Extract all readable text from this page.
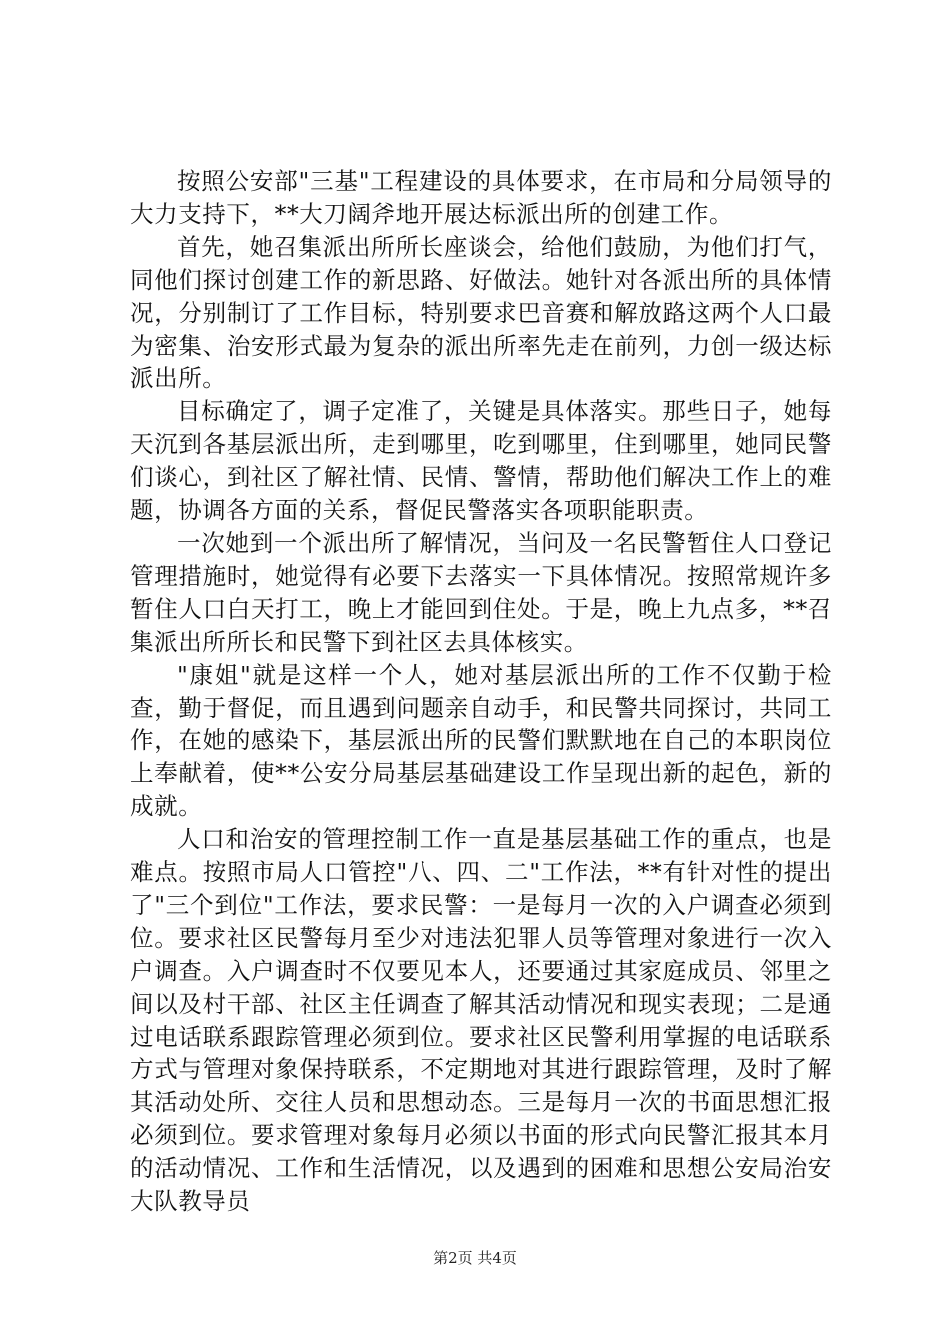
按照公安部"三基"工程建设的具体要求，在市局和分局领导的大力支持下，**大刀阔斧地开展达标派出所的创建工作。

首先，她召集派出所所长座谈会，给他们鼓励，为他们打气，同他们探讨创建工作的新思路、好做法。她针对各派出所的具体情况，分别制订了工作目标，特别要求巴音赛和解放路这两个人口最为密集、治安形式最为复杂的派出所率先走在前列，力创一级达标派出所。

目标确定了，调子定准了，关键是具体落实。那些日子，她每天沉到各基层派出所，走到哪里，吃到哪里，住到哪里，她同民警们谈心，到社区了解社情、民情、警情，帮助他们解决工作上的难题，协调各方面的关系，督促民警落实各项职能职责。

一次她到一个派出所了解情况，当问及一名民警暂住人口登记管理措施时，她觉得有必要下去落实一下具体情况。按照常规许多暂住人口白天打工，晚上才能回到住处。于是，晚上九点多，**召集派出所所长和民警下到社区去具体核实。

"康姐"就是这样一个人，她对基层派出所的工作不仅勤于检查，勤于督促，而且遇到问题亲自动手，和民警共同探讨，共同工作，在她的感染下，基层派出所的民警们默默地在自己的本职岗位上奉献着，使**公安分局基层基础建设工作呈现出新的起色，新的成就。

人口和治安的管理控制工作一直是基层基础工作的重点，也是难点。按照市局人口管控"八、四、二"工作法，**有针对性的提出了"三个到位"工作法，要求民警：一是每月一次的入户调查必须到位。要求社区民警每月至少对违法犯罪人员等管理对象进行一次入户调查。入户调查时不仅要见本人，还要通过其家庭成员、邻里之间以及村干部、社区主任调查了解其活动情况和现实表现；二是通过电话联系跟踪管理必须到位。要求社区民警利用掌握的电话联系方式与管理对象保持联系，不定期地对其进行跟踪管理，及时了解其活动处所、交往人员和思想动态。三是每月一次的书面思想汇报必须到位。要求管理对象每月必须以书面的形式向民警汇报其本月的活动情况、工作和生活情况，以及遇到的困难和思想公安局治安大队教导员

第2页 共4页
